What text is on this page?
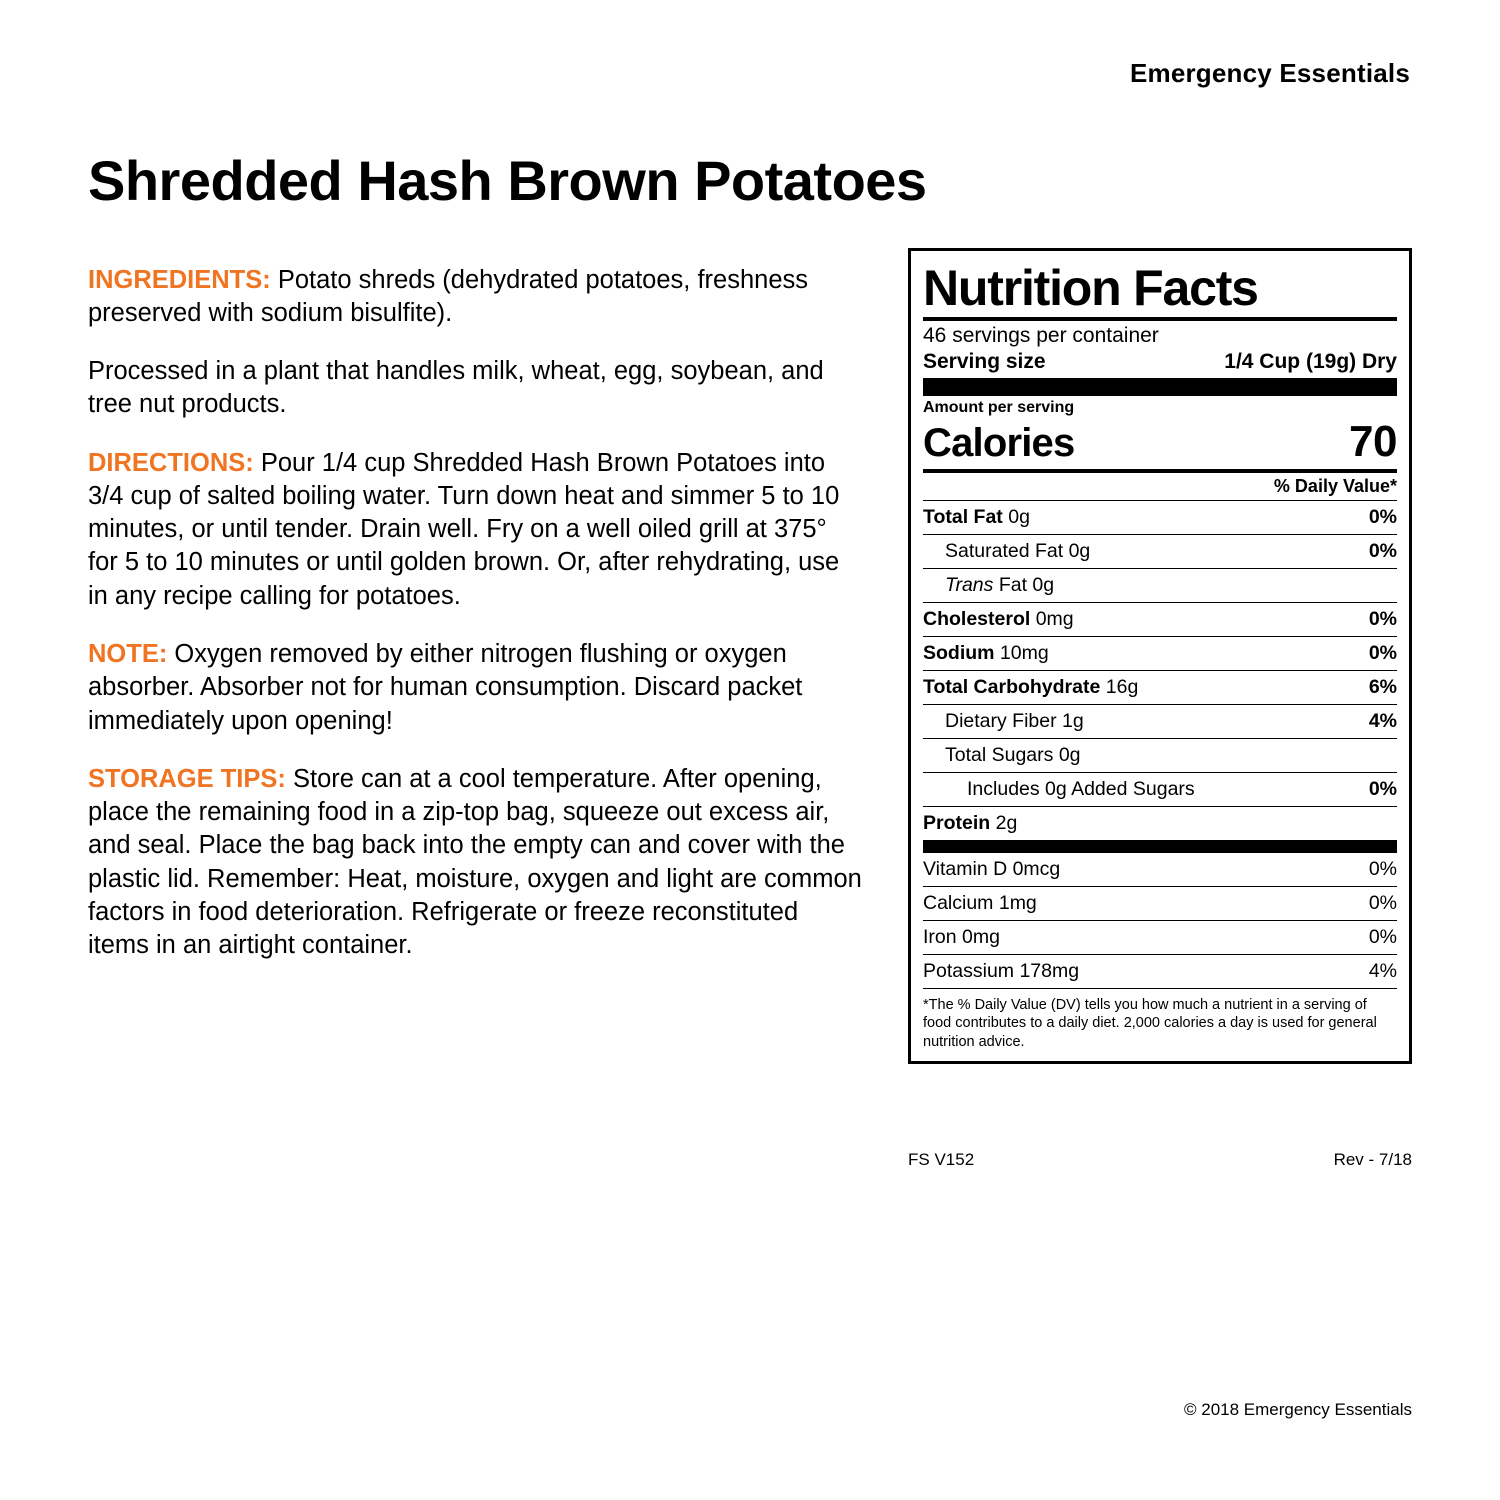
Emergency Essentials
Shredded Hash Brown Potatoes

INGREDIENTS: Potato shreds (dehydrated potatoes, freshness preserved with sodium bisulfite).

Processed in a plant that handles milk, wheat, egg, soybean, and tree nut products.

DIRECTIONS: Pour 1/4 cup Shredded Hash Brown Potatoes into 3/4 cup of salted boiling water. Turn down heat and simmer 5 to 10 minutes, or until tender. Drain well. Fry on a well oiled grill at 375° for 5 to 10 minutes or until golden brown. Or, after rehydrating, use in any recipe calling for potatoes.

NOTE: Oxygen removed by either nitrogen flushing or oxygen absorber. Absorber not for human consumption. Discard packet immediately upon opening!

STORAGE TIPS: Store can at a cool temperature. After opening, place the remaining food in a zip-top bag, squeeze out excess air, and seal. Place the bag back into the empty can and cover with the plastic lid. Remember: Heat, moisture, oxygen and light are common factors in food deterioration. Refrigerate or freeze reconstituted items in an airtight container.

Nutrition Facts
46 servings per container
Serving size	1/4 Cup (19g) Dry
Amount per serving
Calories	70
% Daily Value*
Total Fat 0g	0%
Saturated Fat 0g	0%
Trans Fat 0g
Cholesterol 0mg	0%
Sodium 10mg	0%
Total Carbohydrate 16g	6%
Dietary Fiber 1g	4%
Total Sugars 0g
Includes 0g Added Sugars	0%
Protein 2g
Vitamin D 0mcg	0%
Calcium 1mg	0%
Iron 0mg	0%
Potassium 178mg	4%
*The % Daily Value (DV) tells you how much a nutrient in a serving of food contributes to a daily diet. 2,000 calories a day is used for general nutrition advice.
FS V152	Rev - 7/18
© 2018 Emergency Essentials
